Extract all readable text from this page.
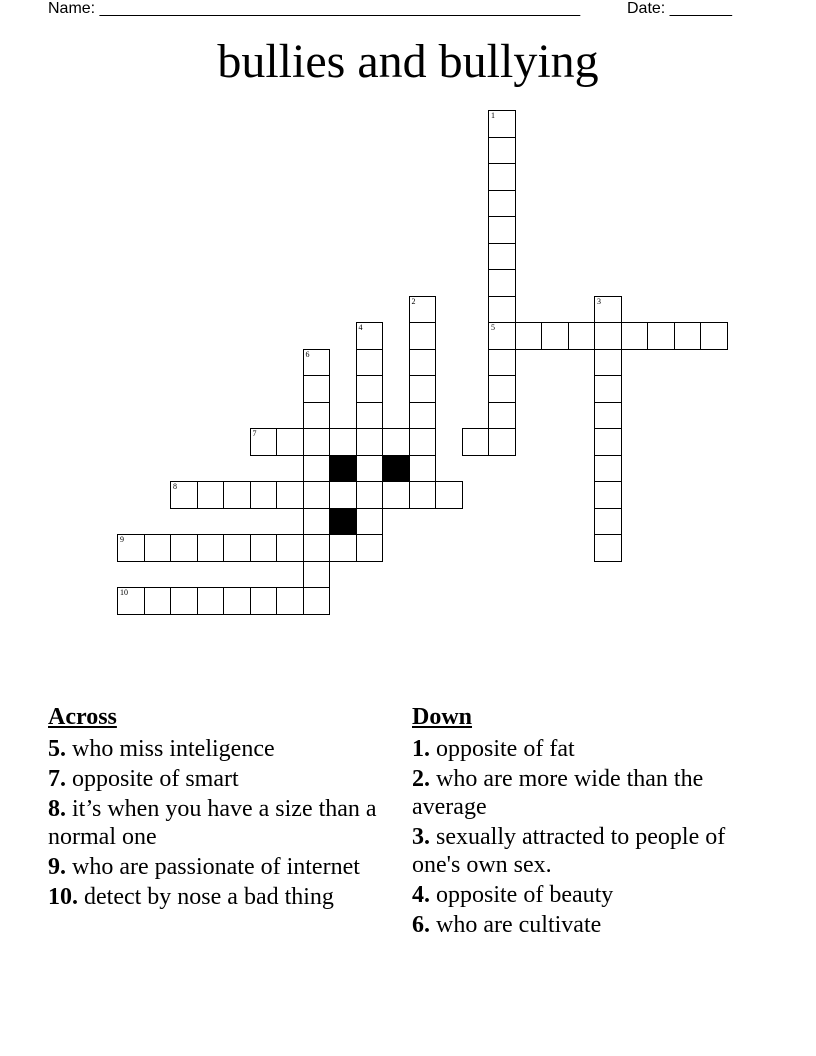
Name: ______________________________________________________	Date: _______
bullies and bullying
1
5
2	3
4
6
7
8
9
10
Across
5. who miss inteligence
7. opposite of smart
8. it’s when you have a size than a normal one
9. who are passionate of internet
10. detect by nose a bad thing
Down
1. opposite of fat
2. who are more wide than the average
3. sexually attracted to people of one's own sex.
4. opposite of beauty
6. who are cultivate
